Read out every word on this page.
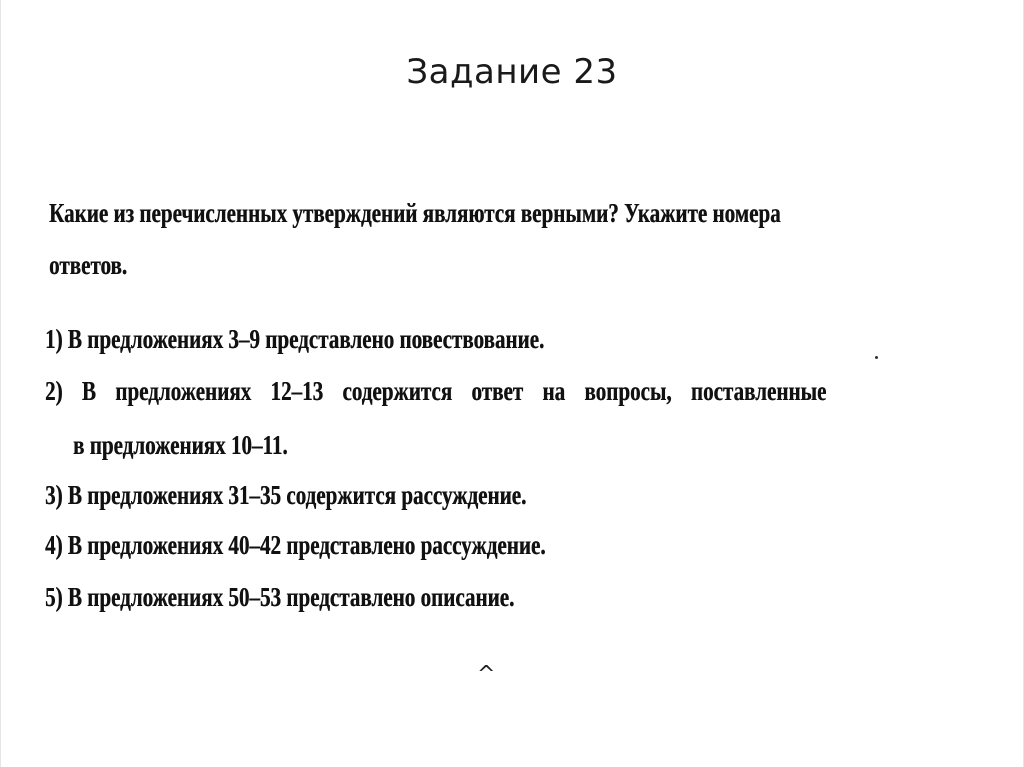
Задание 23
Какие из перечисленных утверждений являются верными? Укажите номера
ответов.
1) В предложениях 3–9 представлено повествование.
2) В предложениях 12–13 содержится ответ на вопросы, поставленные
в предложениях 10–11.
3) В предложениях 31–35 содержится рассуждение.
4) В предложениях 40–42 представлено рассуждение.
5) В предложениях 50–53 представлено описание.
^
